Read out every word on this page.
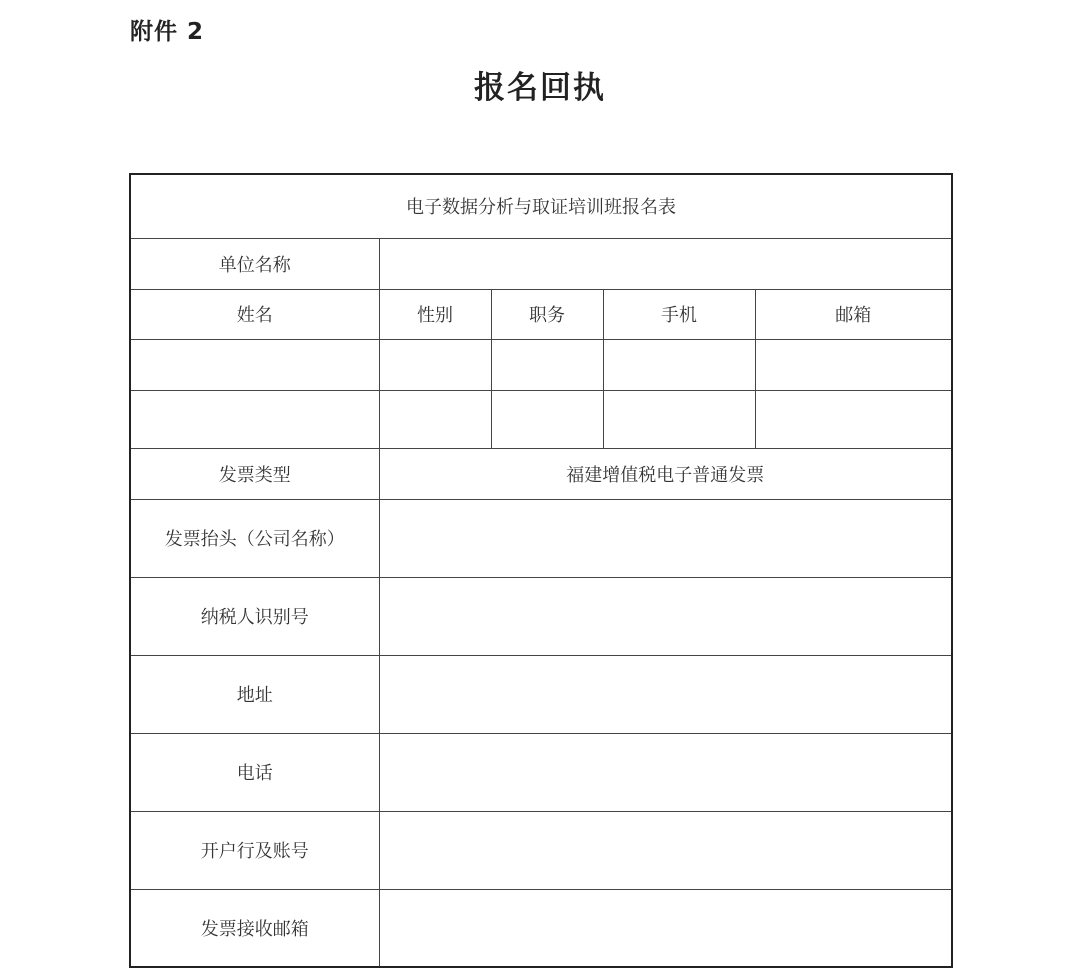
附件 2
报名回执
电子数据分析与取证培训班报名表				
单位名称				
姓名	性别	职务	手机	邮箱

发票类型	福建增值税电子普通发票			
发票抬头（公司名称）				
纳税人识别号				
地址				
电话				
开户行及账号				
发票接收邮箱				
